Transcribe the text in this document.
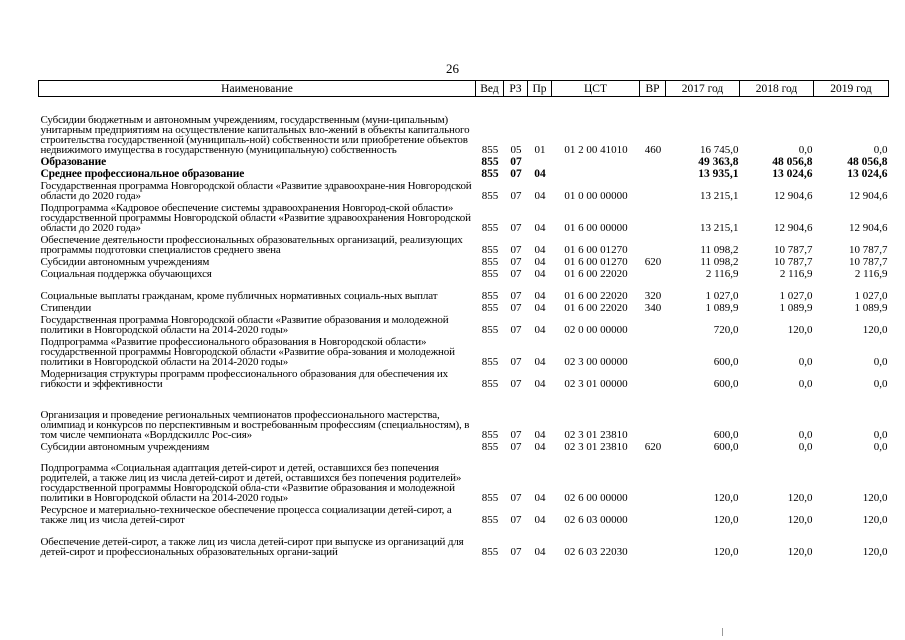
26
Наименование	Вед	РЗ	Пр	ЦСТ	ВР	2017 год	2018 год	2019 год
Субсидии бюджетным и автономным учреждениям, государственным (муни-ципальным) унитарным предприятиям на осуществление капитальных вло-жений в объекты капитального строительства государственной (муниципаль-ной) собственности или приобретение объектов недвижимого имущества в государственную (муниципальную) собственность	855	05	01	01 2 00 41010	460	16 745,0	0,0	0,0
Образование	855	07				49 363,8	48 056,8	48 056,8
Среднее профессиональное образование	855	07	04			13 935,1	13 024,6	13 024,6
Государственная программа Новгородской области «Развитие здравоохране-ния Новгородской области до 2020 года»	855	07	04	01 0 00 00000		13 215,1	12 904,6	12 904,6
Подпрограмма «Кадровое обеспечение системы здравоохранения Новгород-ской области» государственной программы Новгородской области «Развитие здравоохранения Новгородской области до 2020 года»	855	07	04	01 6 00 00000		13 215,1	12 904,6	12 904,6
Обеспечение деятельности профессиональных образовательных организаций, реализующих программы подготовки специалистов среднего звена	855	07	04	01 6 00 01270		11 098,2	10 787,7	10 787,7
Субсидии автономным учреждениям	855	07	04	01 6 00 01270	620	11 098,2	10 787,7	10 787,7
Социальная поддержка обучающихся	855	07	04	01 6 00 22020		2 116,9	2 116,9	2 116,9
Социальные выплаты гражданам, кроме публичных нормативных социаль-ных выплат	855	07	04	01 6 00 22020	320	1 027,0	1 027,0	1 027,0
Стипендии	855	07	04	01 6 00 22020	340	1 089,9	1 089,9	1 089,9
Государственная программа Новгородской области «Развитие образования и молодежной политики в Новгородской области на 2014-2020 годы»	855	07	04	02 0 00 00000		720,0	120,0	120,0
Подпрограмма «Развитие профессионального образования в Новгородской области» государственной программы Новгородской области «Развитие обра-зования и молодежной политики в Новгородской области на 2014-2020 годы»	855	07	04	02 3 00 00000		600,0	0,0	0,0
Модернизация структуры программ профессионального образования для обеспечения их гибкости и эффективности	855	07	04	02 3 01 00000		600,0	0,0	0,0
Организация и проведение региональных чемпионатов профессионального мастерства, олимпиад и конкурсов по перспективным и востребованным профессиям (специальностям), в том числе чемпионата «Ворлдскиллс Рос-сия»	855	07	04	02 3 01 23810		600,0	0,0	0,0
Субсидии автономным учреждениям	855	07	04	02 3 01 23810	620	600,0	0,0	0,0
Подпрограмма «Социальная адаптация детей-сирот и детей, оставшихся без попечения родителей, а также лиц из числа детей-сирот и детей, оставшихся без попечения родителей» государственной программы Новгородской обла-сти «Развитие образования и молодежной политики в Новгородской области на 2014-2020 годы»	855	07	04	02 6 00 00000		120,0	120,0	120,0
Ресурсное и материально-техническое обеспечение процесса социализации детей-сирот, а также лиц из числа детей-сирот	855	07	04	02 6 03 00000		120,0	120,0	120,0
Обеспечение детей-сирот, а также лиц из числа детей-сирот при выпуске из организаций для детей-сирот и профессиональных образовательных органи-заций	855	07	04	02 6 03 22030		120,0	120,0	120,0
